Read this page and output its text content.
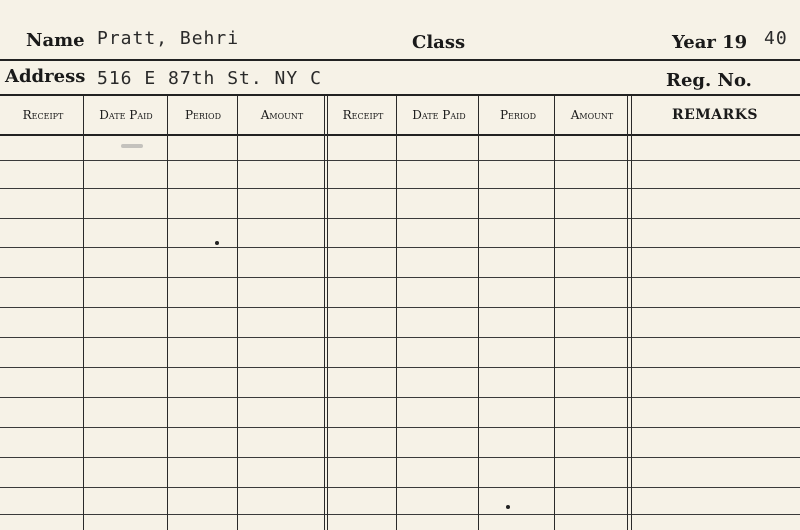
Name Pratt, Behri	Class	Year 19 40
Address 516 E 87th St. NY C	Reg. No.
Receipt	Date Paid	Period	Amount	Receipt	Date Paid	Period	Amount	REMARKS
